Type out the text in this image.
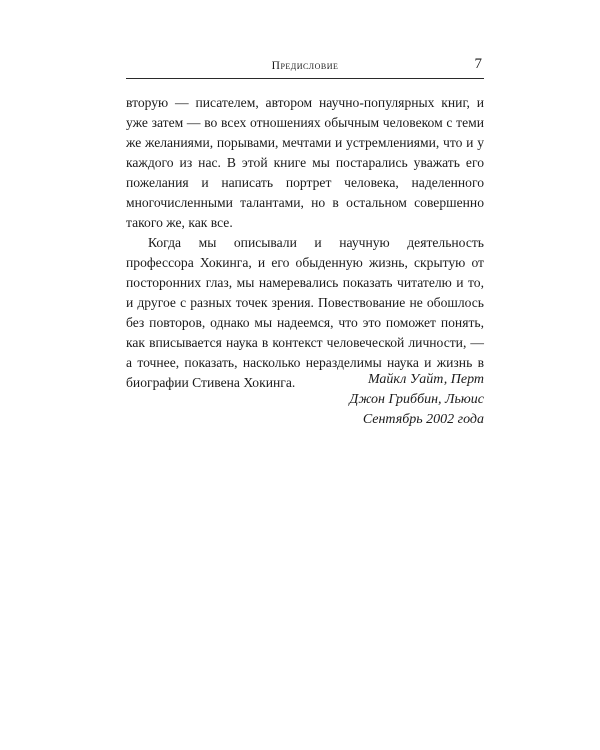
Предисловие	7

вторую — писателем, автором научно-популярных книг, и уже затем — во всех отношениях обычным человеком с теми же желаниями, порывами, мечтами и устремлениями, что и у каждого из нас. В этой книге мы постарались уважать его пожелания и написать портрет человека, наделенного многочисленными талантами, но в остальном совершенно такого же, как все.

Когда мы описывали и научную деятельность профессора Хокинга, и его обыденную жизнь, скрытую от посторонних глаз, мы намеревались показать читателю и то, и другое с разных точек зрения. Повествование не обошлось без повторов, однако мы надеемся, что это поможет понять, как вписывается наука в контекст человеческой личности, — а точнее, показать, насколько неразделимы наука и жизнь в биографии Стивена Хокинга.	Майкл Уайт, Перт
Джон Гриббин, Льюис
Сентябрь 2002 года
